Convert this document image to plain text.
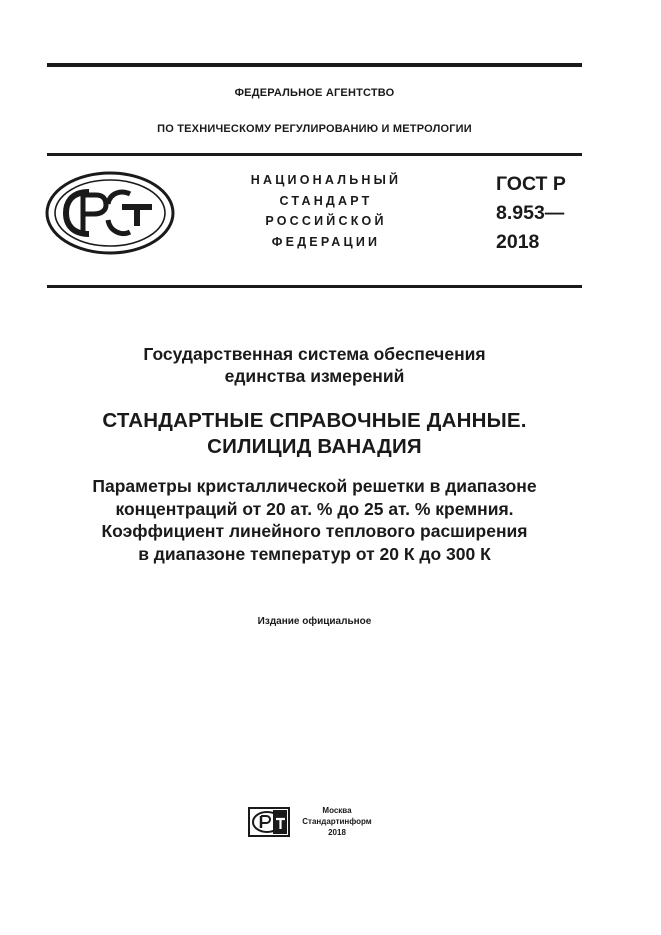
ФЕДЕРАЛЬНОЕ АГЕНТСТВО
ПО ТЕХНИЧЕСКОМУ РЕГУЛИРОВАНИЮ И МЕТРОЛОГИИ
НАЦИОНАЛЬНЫЙ
СТАНДАРТ
РОССИЙСКОЙ
ФЕДЕРАЦИИ
ГОСТ Р
8.953—
2018
Государственная система обеспечения
единства измерений
СТАНДАРТНЫЕ СПРАВОЧНЫЕ ДАННЫЕ.
СИЛИЦИД ВАНАДИЯ
Параметры кристаллической решетки в диапазоне
концентраций от 20 ат. % до 25 ат. % кремния.
Коэффициент линейного теплового расширения
в диапазоне температур от 20 К до 300 К
Издание официальное
Москва
Стандартинформ
2018
